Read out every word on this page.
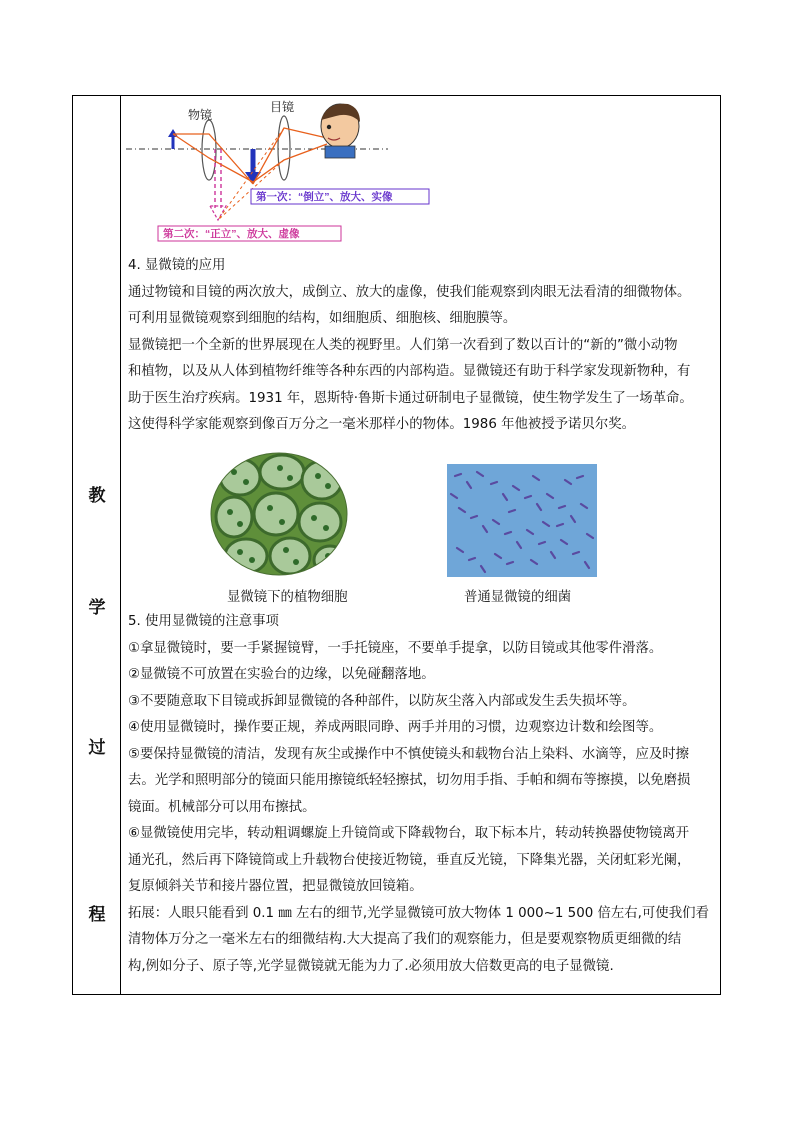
教
学
过
程
物镜
目镜
第一次：“倒立”、放大、实像
第二次：“正立”、放大、虚像

4. 显微镜的应用

通过物镜和目镜的两次放大，成倒立、放大的虚像，使我们能观察到肉眼无法看清的细微物体。

可利用显微镜观察到细胞的结构，如细胞质、细胞核、细胞膜等。

显微镜把一个全新的世界展现在人类的视野里。人们第一次看到了数以百计的“新的”微小动物

和植物，以及从人体到植物纤维等各种东西的内部构造。显微镜还有助于科学家发现新物种，有

助于医生治疗疾病。1931 年，恩斯特·鲁斯卡通过研制电子显微镜，使生物学发生了一场革命。

这使得科学家能观察到像百万分之一毫米那样小的物体。1986 年他被授予诺贝尔奖。

显微镜下的植物细胞	普通显微镜的细菌

5. 使用显微镜的注意事项

①拿显微镜时，要一手紧握镜臂，一手托镜座，不要单手提拿，以防目镜或其他零件滑落。

②显微镜不可放置在实验台的边缘，以免碰翻落地。

③不要随意取下目镜或拆卸显微镜的各种部件，以防灰尘落入内部或发生丢失损坏等。

④使用显微镜时，操作要正规，养成两眼同睁、两手并用的习惯，边观察边计数和绘图等。

⑤要保持显微镜的清洁，发现有灰尘或操作中不慎使镜头和载物台沾上染料、水滴等，应及时擦

去。光学和照明部分的镜面只能用擦镜纸轻轻擦拭，切勿用手指、手帕和绸布等擦摸，以免磨损

镜面。机械部分可以用布擦拭。

⑥显微镜使用完毕，转动粗调螺旋上升镜筒或下降载物台，取下标本片，转动转换器使物镜离开

通光孔，然后再下降镜筒或上升载物台使接近物镜，垂直反光镜，下降集光器，关闭虹彩光阑，

复原倾斜关节和接片器位置，把显微镜放回镜箱。

拓展：人眼只能看到 0.1 ㎜ 左右的细节,光学显微镜可放大物体 1 000~1 500 倍左右,可使我们看

清物体万分之一毫米左右的细微结构.大大提高了我们的观察能力，但是要观察物质更细微的结

构,例如分子、原子等,光学显微镜就无能为力了.必须用放大倍数更高的电子显微镜.
